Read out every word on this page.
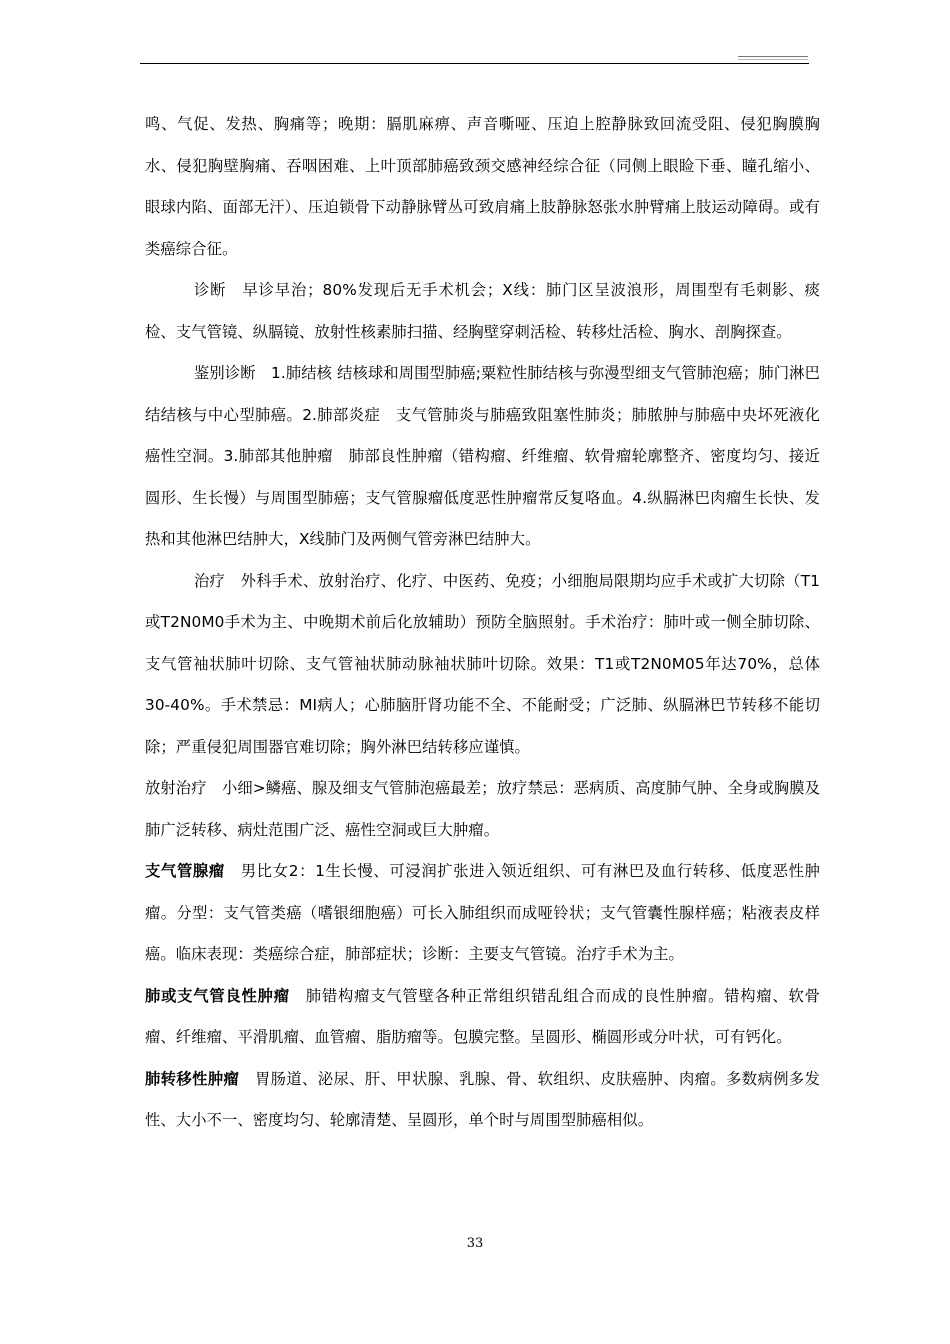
鸣、气促、发热、胸痛等；晚期：膈肌麻痹、声音嘶哑、压迫上腔静脉致回流受阻、侵犯胸膜胸水、侵犯胸壁胸痛、吞咽困难、上叶顶部肺癌致颈交感神经综合征（同侧上眼睑下垂、瞳孔缩小、眼球内陷、面部无汗）、压迫锁骨下动静脉臂丛可致肩痛上肢静脉怒张水肿臂痛上肢运动障碍。或有类癌综合征。

诊断　早诊早治；80%发现后无手术机会；X线：肺门区呈波浪形，周围型有毛刺影、痰检、支气管镜、纵膈镜、放射性核素肺扫描、经胸壁穿刺活检、转移灶活检、胸水、剖胸探查。

鉴别诊断　1.肺结核 结核球和周围型肺癌;粟粒性肺结核与弥漫型细支气管肺泡癌；肺门淋巴结结核与中心型肺癌。2.肺部炎症　支气管肺炎与肺癌致阻塞性肺炎；肺脓肿与肺癌中央坏死液化癌性空洞。3.肺部其他肿瘤　肺部良性肿瘤（错构瘤、纤维瘤、软骨瘤轮廓整齐、密度均匀、接近圆形、生长慢）与周围型肺癌；支气管腺瘤低度恶性肿瘤常反复咯血。4.纵膈淋巴肉瘤生长快、发热和其他淋巴结肿大，X线肺门及两侧气管旁淋巴结肿大。

治疗　外科手术、放射治疗、化疗、中医药、免疫；小细胞局限期均应手术或扩大切除（T1或T2N0M0手术为主、中晚期术前后化放辅助）预防全脑照射。手术治疗：肺叶或一侧全肺切除、支气管袖状肺叶切除、支气管袖状肺动脉袖状肺叶切除。效果：T1或T2N0M05年达70%，总体30-40%。手术禁忌：MI病人；心肺脑肝肾功能不全、不能耐受；广泛肺、纵膈淋巴节转移不能切除；严重侵犯周围器官难切除；胸外淋巴结转移应谨慎。

放射治疗　小细>鳞癌、腺及细支气管肺泡癌最差；放疗禁忌：恶病质、高度肺气肿、全身或胸膜及肺广泛转移、病灶范围广泛、癌性空洞或巨大肿瘤。

支气管腺瘤　男比女2：1生长慢、可浸润扩张进入领近组织、可有淋巴及血行转移、低度恶性肿瘤。分型：支气管类癌（嗜银细胞癌）可长入肺组织而成哑铃状；支气管囊性腺样癌；粘液表皮样癌。临床表现：类癌综合症，肺部症状；诊断：主要支气管镜。治疗手术为主。

肺或支气管良性肿瘤　肺错构瘤支气管壁各种正常组织错乱组合而成的良性肿瘤。错构瘤、软骨瘤、纤维瘤、平滑肌瘤、血管瘤、脂肪瘤等。包膜完整。呈圆形、椭圆形或分叶状，可有钙化。

肺转移性肿瘤　胃肠道、泌尿、肝、甲状腺、乳腺、骨、软组织、皮肤癌肿、肉瘤。多数病例多发性、大小不一、密度均匀、轮廓清楚、呈圆形，单个时与周围型肺癌相似。

33
